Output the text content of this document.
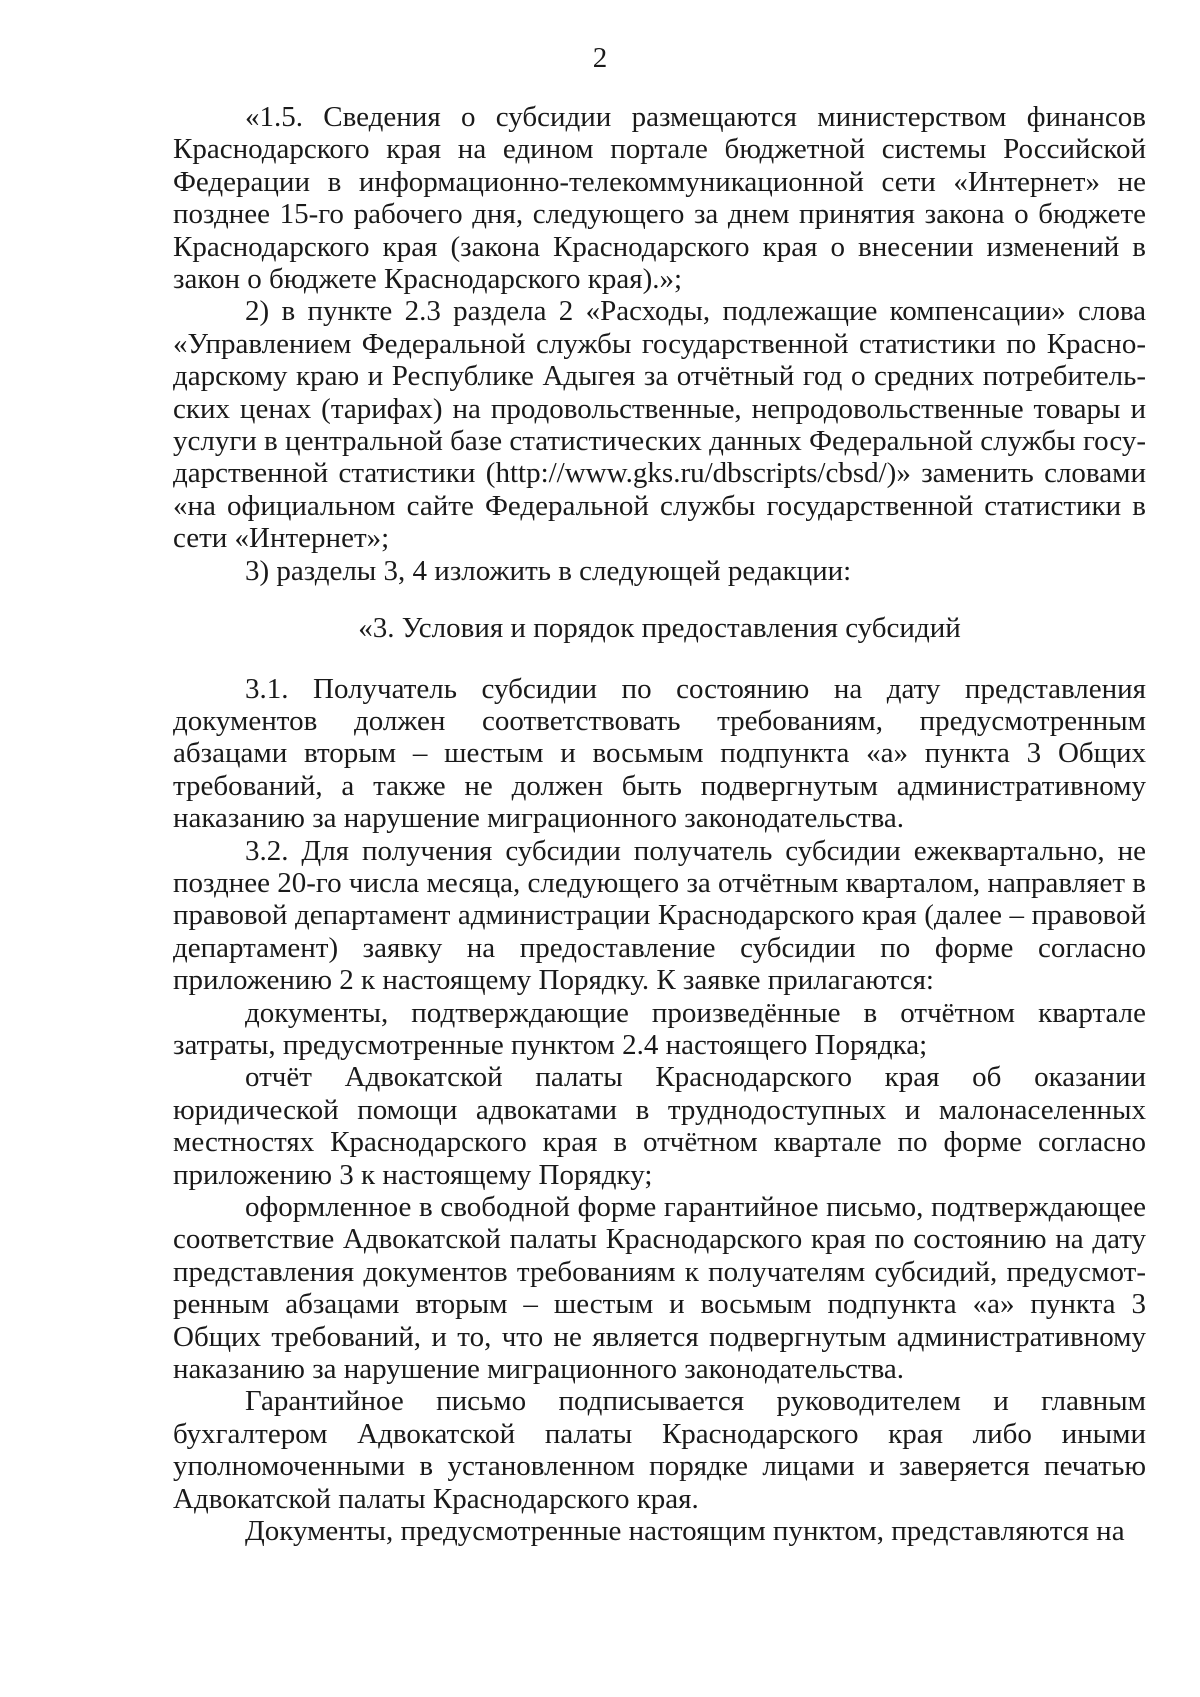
2

«1.5. Сведения о субсидии размещаются министерством финансов Краснодарского края на едином портале бюджетной системы Российской Федерации в информационно-телекоммуникационной сети «Интернет» не позднее 15-го рабочего дня, следующего за днем принятия закона о бюджете Краснодарского края (закона Краснодарского края о внесении изменений в закон о бюджете Краснодарского края).»;

2) в пункте 2.3 раздела 2 «Расходы, подлежащие компенсации» слова «Управлением Федеральной службы государственной статистики по Краснодарскому краю и Республике Адыгея за отчётный год о средних потребительских ценах (тарифах) на продовольственные, непродовольственные товары и услуги в центральной базе статистических данных Федеральной службы государственной статистики (http://www.gks.ru/dbscripts/cbsd/)» заменить словами «на официальном сайте Федеральной службы государственной статистики в сети «Интернет»;

3) разделы 3, 4 изложить в следующей редакции:

«3. Условия и порядок предоставления субсидий

3.1. Получатель субсидии по состоянию на дату представления документов должен соответствовать требованиям, предусмотренным абзацами вторым – шестым и восьмым подпункта «а» пункта 3 Общих требований, а также не должен быть подвергнутым административному наказанию за нарушение миграционного законодательства.

3.2. Для получения субсидии получатель субсидии ежеквартально, не позднее 20-го числа месяца, следующего за отчётным кварталом, направляет в правовой департамент администрации Краснодарского края (далее – правовой департамент) заявку на предоставление субсидии по форме согласно приложению 2 к настоящему Порядку. К заявке прилагаются:

документы, подтверждающие произведённые в отчётном квартале затраты, предусмотренные пунктом 2.4 настоящего Порядка;

отчёт Адвокатской палаты Краснодарского края об оказании юридической помощи адвокатами в труднодоступных и малонаселенных местностях Краснодарского края в отчётном квартале по форме согласно приложению 3 к настоящему Порядку;

оформленное в свободной форме гарантийное письмо, подтверждающее соответствие Адвокатской палаты Краснодарского края по состоянию на дату представления документов требованиям к получателям субсидий, предусмотренным абзацами вторым – шестым и восьмым подпункта «а» пункта 3 Общих требований, и то, что не является подвергнутым административному наказанию за нарушение миграционного законодательства.

Гарантийное письмо подписывается руководителем и главным бухгалтером Адвокатской палаты Краснодарского края либо иными уполномоченными в установленном порядке лицами и заверяется печатью Адвокатской палаты Краснодарского края.

Документы, предусмотренные настоящим пунктом, представляются на
